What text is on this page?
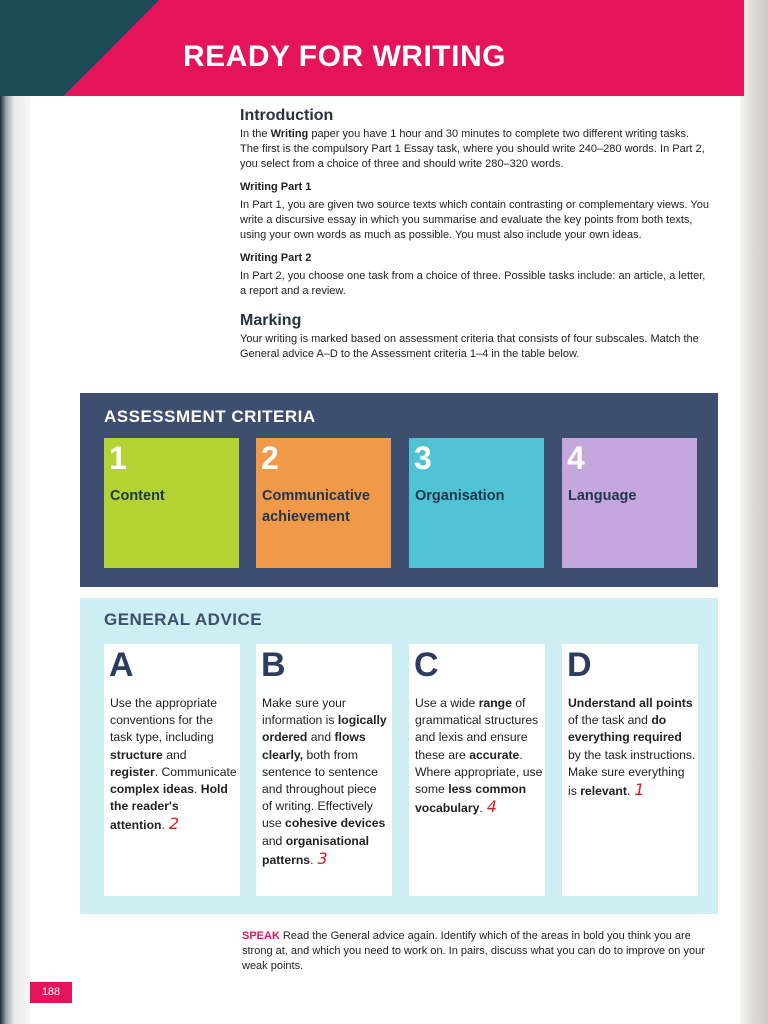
READY FOR WRITING
Introduction

In the Writing paper you have 1 hour and 30 minutes to complete two different writing tasks. The first is the compulsory Part 1 Essay task, where you should write 240–280 words. In Part 2, you select from a choice of three and should write 280–320 words.

Writing Part 1

In Part 1, you are given two source texts which contain contrasting or complementary views. You write a discursive essay in which you summarise and evaluate the key points from both texts, using your own words as much as possible. You must also include your own ideas.

Writing Part 2

In Part 2, you choose one task from a choice of three. Possible tasks include: an article, a letter, a report and a review.

Marking

Your writing is marked based on assessment criteria that consists of four subscales. Match the General advice A–D to the Assessment criteria 1–4 in the table below.

ASSESSMENT CRITERIA
1
Content
2
Communicative achievement
3
Organisation
4
Language
GENERAL ADVICE
A
Use the appropriate conventions for the task type, including structure and register. Communicate complex ideas. Hold the reader's attention. 2
B
Make sure your information is logically ordered and flows clearly, both from sentence to sentence and throughout piece of writing. Effectively use cohesive devices and organisational patterns. 3
C
Use a wide range of grammatical structures and lexis and ensure these are accurate. Where appropriate, use some less common vocabulary. 4
D
Understand all points of the task and do everything required by the task instructions. Make sure everything is relevant. 1
SPEAK Read the General advice again. Identify which of the areas in bold you think you are strong at, and which you need to work on. In pairs, discuss what you can do to improve on your weak points.
188
